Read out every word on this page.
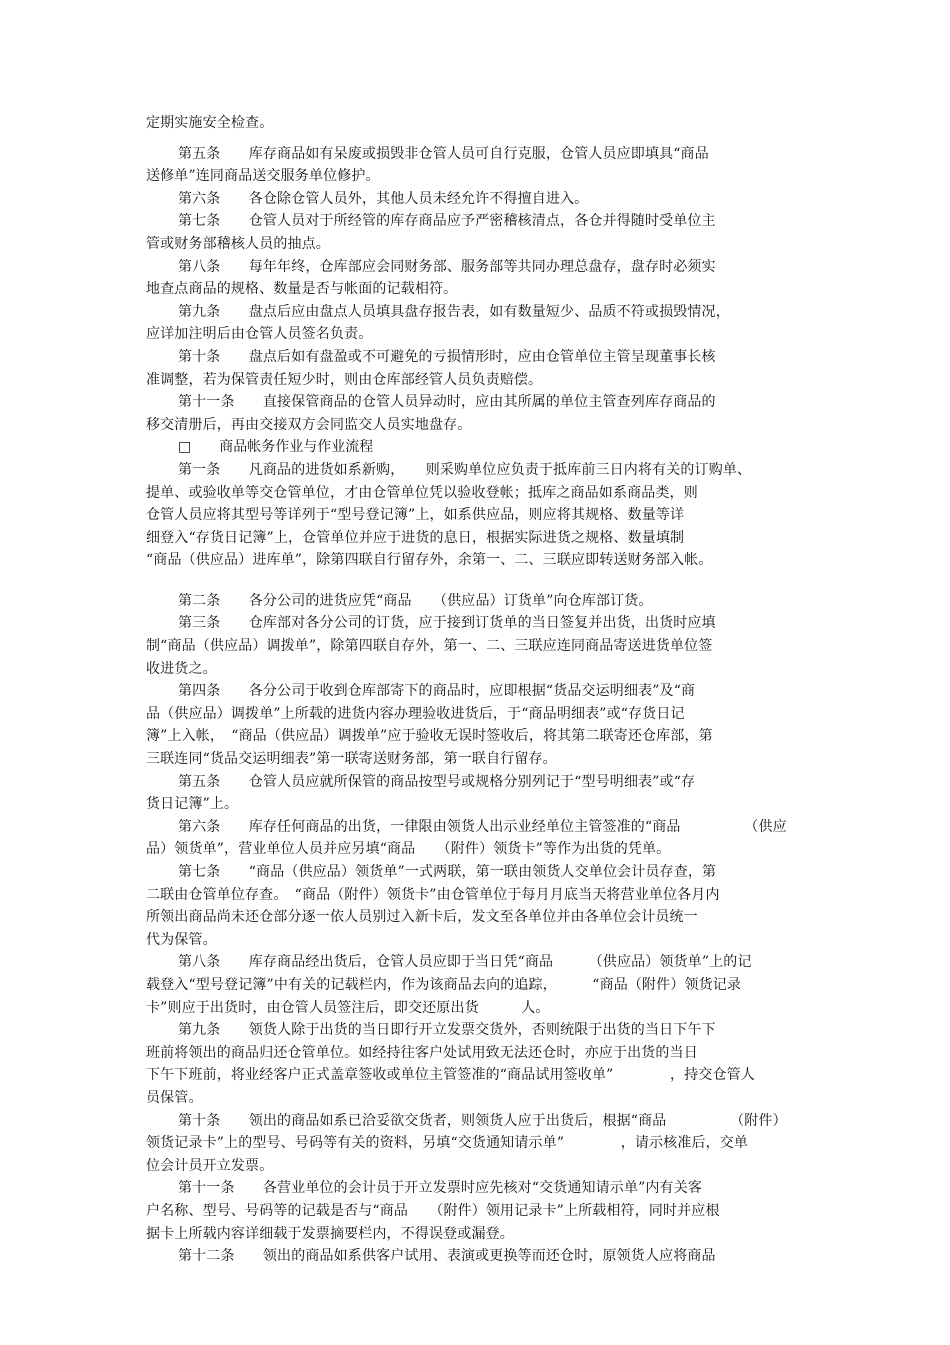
定期实施安全检查。

第五条　　库存商品如有呆废或损毁非仓管人员可自行克服，仓管人员应即填具“商品
送修单”连同商品送交服务单位修护。

第六条　　各仓除仓管人员外，其他人员未经允许不得擅自进入。

第七条　　仓管人员对于所经管的库存商品应予严密稽核清点，各仓并得随时受单位主
管或财务部稽核人员的抽点。

第八条　　每年年终，仓库部应会同财务部、服务部等共同办理总盘存，盘存时必须实
地查点商品的规格、数量是否与帐面的记载相符。

第九条　　盘点后应由盘点人员填具盘存报告表，如有数量短少、品质不符或损毁情况，
应详加注明后由仓管人员签名负责。

第十条　　盘点后如有盘盈或不可避免的亏损情形时，应由仓管单位主管呈现董事长核
准调整，若为保管责任短少时，则由仓库部经管人员负责赔偿。

第十一条　　直接保管商品的仓管人员异动时，应由其所属的单位主管查列库存商品的
移交清册后，再由交接双方会同监交人员实地盘存。

□　　商品帐务作业与作业流程

第一条　　凡商品的进货如系新购，　　则采购单位应负责于抵库前三日内将有关的订购单、
提单、或验收单等交仓管单位，才由仓管单位凭以验收登帐；抵库之商品如系商品类，则
仓管人员应将其型号等详列于“型号登记簿”上，如系供应品，则应将其规格、数量等详
细登入“存货日记簿”上，仓管单位并应于进货的息日，根据实际进货之规格、数量填制
“商品（供应品）进库单”，除第四联自行留存外，余第一、二、三联应即转送财务部入帐。

第二条　　各分公司的进货应凭“商品　　（供应品）订货单”向仓库部订货。

第三条　　仓库部对各分公司的订货，应于接到订货单的当日签复并出货，出货时应填
制“商品（供应品）调拨单”，除第四联自存外，第一、二、三联应连同商品寄送进货单位签
收进货之。

第四条　　各分公司于收到仓库部寄下的商品时，应即根据“货品交运明细表”及“商
品（供应品）调拨单”上所载的进货内容办理验收进货后，于“商品明细表”或“存货日记
簿”上入帐，　“商品（供应品）调拨单”应于验收无误时签收后，将其第二联寄还仓库部，第
三联连同“货品交运明细表”第一联寄送财务部，第一联自行留存。

第五条　　仓管人员应就所保管的商品按型号或规格分别列记于“型号明细表”或“存
货日记簿”上。

第六条　　库存任何商品的出货，一律限由领货人出示业经单位主管签准的“商品　　　　　（供应
品）领货单”，营业单位人员并应另填“商品　　（附件）领货卡”等作为出货的凭单。

第七条　　“商品（供应品）领货单”一式两联，第一联由领货人交单位会计员存查，第
二联由仓管单位存查。　“商品（附件）领货卡”由仓管单位于每月月底当天将营业单位各月内
所领出商品尚未还仓部分逐一依人员别过入新卡后，发文至各单位并由各单位会计员统一
代为保管。

第八条　　库存商品经出货后，仓管人员应即于当日凭“商品　　　（供应品）领货单”上的记
载登入“型号登记簿”中有关的记载栏内，作为该商品去向的追踪，　　　“商品（附件）领货记录
卡”则应于出货时，由仓管人员签注后，即交还原出货　　　人。

第九条　　领货人除于出货的当日即行开立发票交货外，否则统限于出货的当日下午下
班前将领出的商品归还仓管单位。如经持往客户处试用致无法还仓时，亦应于出货的当日
下午下班前，将业经客户正式盖章签收或单位主管签准的“商品试用签收单”　　　　，持交仓管人
员保管。

第十条　　领出的商品如系已洽妥欲交货者，则领货人应于出货后，根据“商品　　　　　（附件）
领货记录卡”上的型号、号码等有关的资料，另填“交货通知请示单”　　　　，请示核准后，交单
位会计员开立发票。

第十一条　　各营业单位的会计员于开立发票时应先核对“交货通知请示单”内有关客
户名称、型号、号码等的记载是否与“商品　　（附件）领用记录卡”上所载相符，同时并应根
据卡上所载内容详细载于发票摘要栏内，不得误登或漏登。

第十二条　　领出的商品如系供客户试用、表演或更换等而还仓时，原领货人应将商品
